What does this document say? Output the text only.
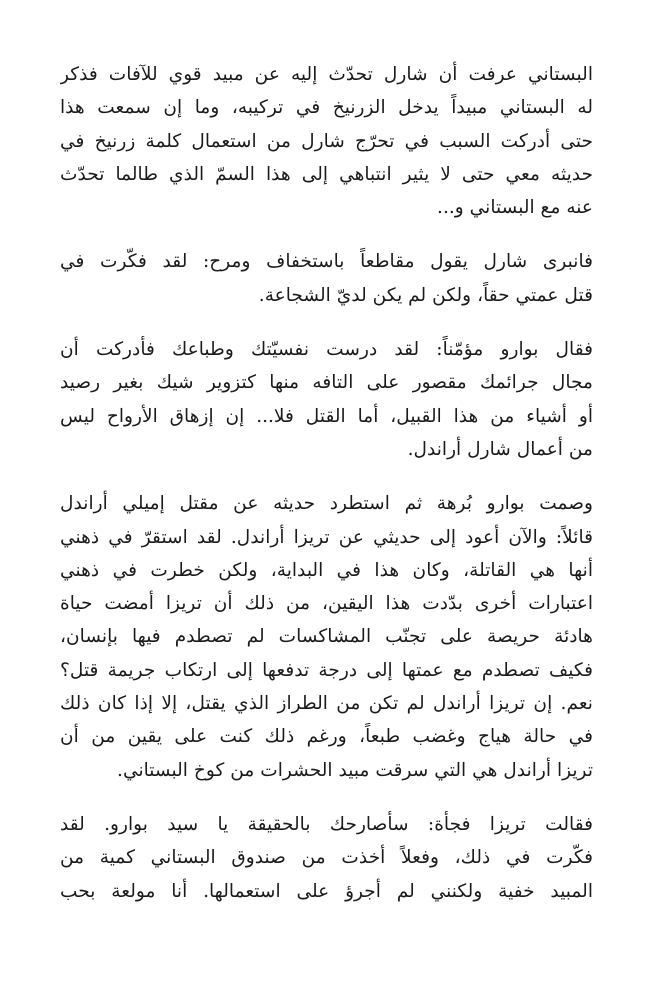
البستاني عرفت أن شارل تحدّث إليه عن مبيد قوي للآفات فذكر
له البستاني مبيداً يدخل الزرنيخ في تركيبه، وما إن سمعت هذا
حتى أدركت السبب في تحرّج شارل من استعمال كلمة زرنيخ في
حديثه معي حتى لا يثير انتباهي إلى هذا السمّ الذي طالما تحدّث
عنه مع البستاني و...
فانبرى شارل يقول مقاطعاً باستخفاف ومرح: لقد فكّرت في
قتل عمتي حقاً، ولكن لم يكن لديّ الشجاعة.
فقال بوارو مؤمّناً: لقد درست نفسيّتك وطباعك فأدركت أن
مجال جرائمك مقصور على التافه منها كتزوير شيك بغير رصيد
أو أشياء من هذا القبيل، أما القتل فلا... إن إزهاق الأرواح ليس
من أعمال شارل أراندل.
وصمت بوارو بُرهة ثم استطرد حديثه عن مقتل إميلي أراندل
قائلاً: والآن أعود إلى حديثي عن تريزا أراندل. لقد استقرّ في ذهني
أنها هي القاتلة، وكان هذا في البداية، ولكن خطرت في ذهني
اعتبارات أخرى بدّدت هذا اليقين، من ذلك أن تريزا أمضت حياة
هادئة حريصة على تجنّب المشاكسات لم تصطدم فيها بإنسان،
فكيف تصطدم مع عمتها إلى درجة تدفعها إلى ارتكاب جريمة قتل؟
نعم. إن تريزا أراندل لم تكن من الطراز الذي يقتل، إلا إذا كان ذلك
في حالة هياج وغضب طبعاً، ورغم ذلك كنت على يقين من أن
تريزا أراندل هي التي سرقت مبيد الحشرات من كوخ البستاني.
فقالت تريزا فجأة: سأصارحك بالحقيقة يا سيد بوارو. لقد
فكّرت في ذلك، وفعلاً أخذت من صندوق البستاني كمية من
المبيد خفية ولكنني لم أجرؤ على استعمالها. أنا مولعة بحب
